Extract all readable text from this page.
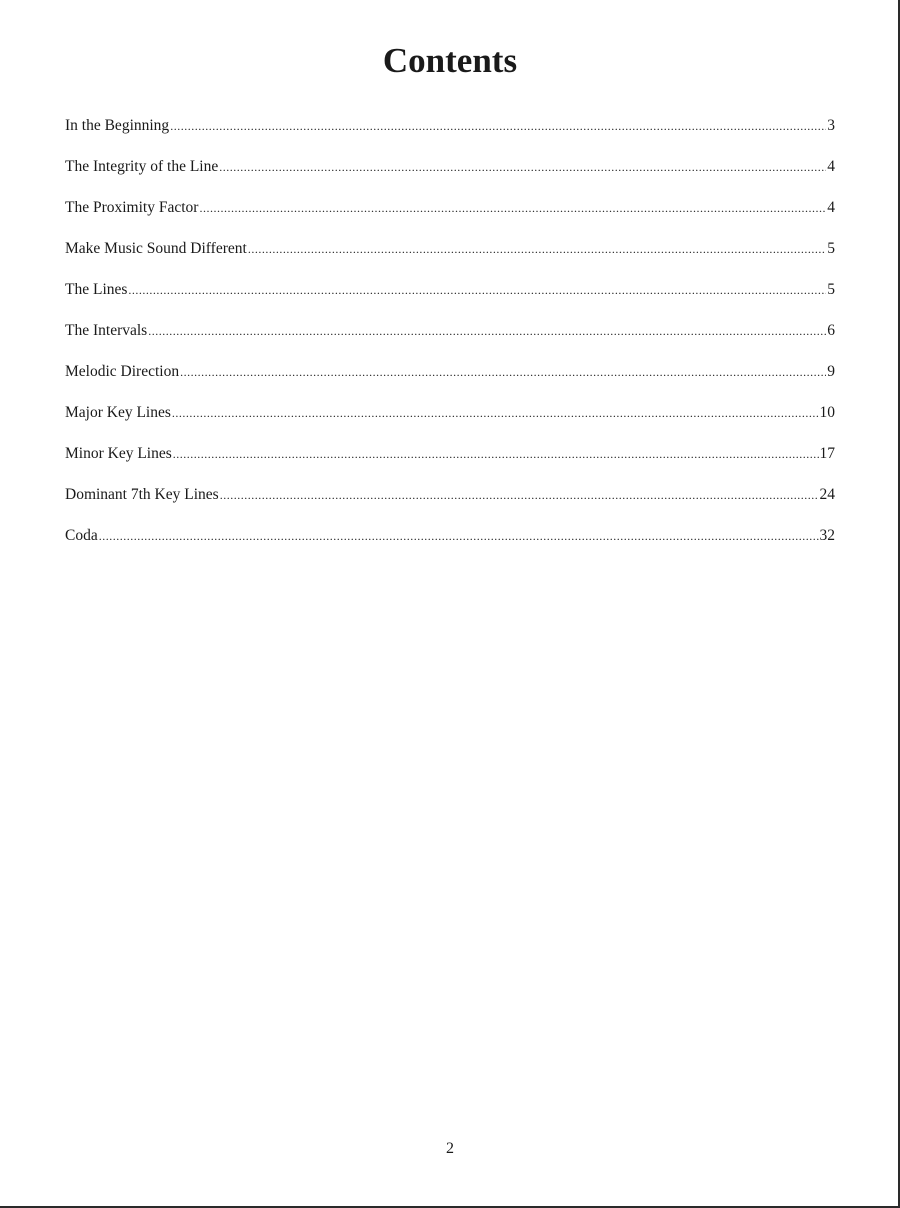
Contents
In the Beginning .....	3
The Integrity of the Line .....	4
The Proximity Factor .....	4
Make Music Sound Different .....	5
The Lines .....	5
The Intervals .....	6
Melodic Direction .....	9
Major Key Lines .....	10
Minor Key Lines .....	17
Dominant 7th Key Lines .....	24
Coda .....	32
2
